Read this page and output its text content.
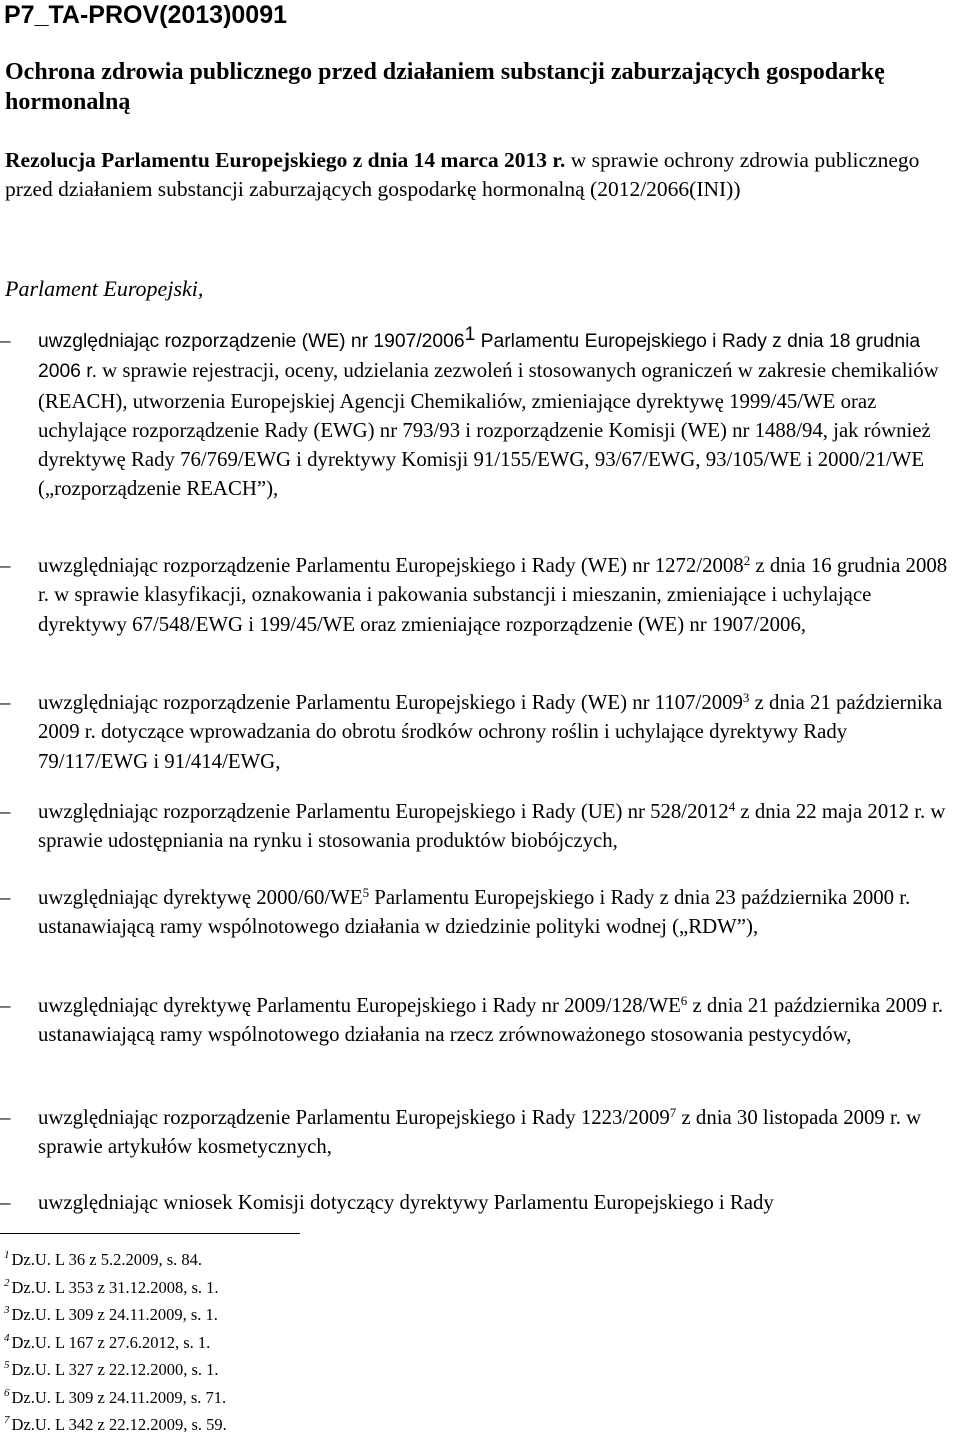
P7_TA-PROV(2013)0091
Ochrona zdrowia publicznego przed działaniem substancji zaburzających gospodarkę hormonalną
Rezolucja Parlamentu Europejskiego z dnia 14 marca 2013 r. w sprawie ochrony zdrowia publicznego przed działaniem substancji zaburzających gospodarkę hormonalną (2012/2066(INI))
Parlament Europejski,
–	uwzględniając rozporządzenie (WE) nr 1907/2006$^1$ Parlamentu Europejskiego i Rady z dnia 18 grudnia 2006 r. w sprawie rejestracji, oceny, udzielania zezwoleń i stosowanych ograniczeń w zakresie chemikaliów (REACH), utworzenia Europejskiej Agencji Chemikaliów, zmieniające dyrektywę 1999/45/WE oraz uchylające rozporządzenie Rady (EWG) nr 793/93 i rozporządzenie Komisji (WE) nr 1488/94, jak również dyrektywę Rady 76/769/EWG i dyrektywy Komisji 91/155/EWG, 93/67/EWG, 93/105/WE i 2000/21/WE („rozporządzenie REACH”),
–	uwzględniając rozporządzenie Parlamentu Europejskiego i Rady (WE) nr 1272/2008$^2$ z dnia 16 grudnia 2008 r. w sprawie klasyfikacji, oznakowania i pakowania substancji i mieszanin, zmieniające i uchylające dyrektywy 67/548/EWG i 199/45/WE oraz zmieniające rozporządzenie (WE) nr 1907/2006,
–	uwzględniając rozporządzenie Parlamentu Europejskiego i Rady (WE) nr 1107/2009$^3$ z dnia 21 października 2009 r. dotyczące wprowadzania do obrotu środków ochrony roślin i uchylające dyrektywy Rady 79/117/EWG i 91/414/EWG,
–	uwzględniając rozporządzenie Parlamentu Europejskiego i Rady (UE) nr 528/2012$^4$ z dnia 22 maja 2012 r. w sprawie udostępniania na rynku i stosowania produktów biobójczych,
–	uwzględniając dyrektywę $2000/60/WE^5$ Parlamentu Europejskiego i Rady z dnia 23 października 2000 r. ustanawiającą ramy wspólnotowego działania w dziedzinie polityki wodnej („RDW”),
–	uwzględniając dyrektywę Parlamentu Europejskiego i Rady nr $2009/128/WE^6$ z dnia 21 października 2009 r. ustanawiającą ramy wspólnotowego działania na rzecz zrównoważonego stosowania pestycydów,
–	uwzględniając rozporządzenie Parlamentu Europejskiego i Rady 1223/2009$^7$ z dnia 30 listopada 2009 r. w sprawie artykułów kosmetycznych,
–	uwzględniając wniosek Komisji dotyczący dyrektywy Parlamentu Europejskiego i Rady
$^1$ Dz.U. L 36 z 5.2.2009, s. 84.
$^2$ Dz.U. L 353 z 31.12.2008, s. 1.
$^3$ Dz.U. L 309 z 24.11.2009, s. 1.
$^4$ Dz.U. L 167 z 27.6.2012, s. 1.
$^5$ Dz.U. L 327 z 22.12.2000, s. 1.
$^6$ Dz.U. L 309 z 24.11.2009, s. 71.
$^7$ Dz.U. L 342 z 22.12.2009, s. 59.
